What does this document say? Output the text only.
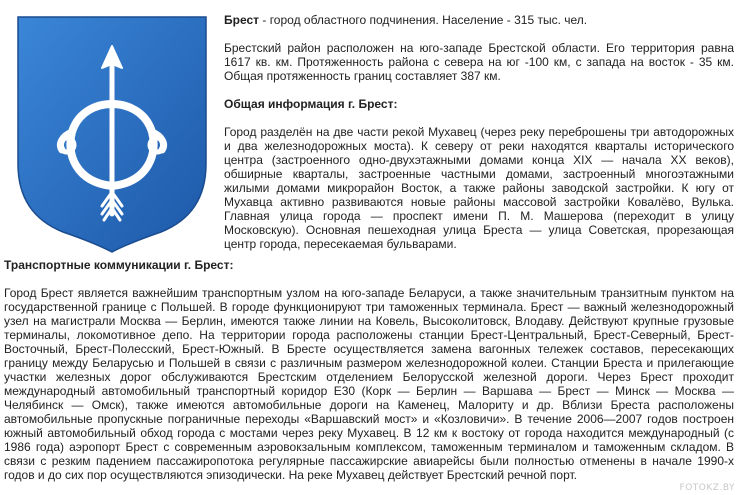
Брест - город областного подчинения. Население - 315 тыс. чел.

Брестский район расположен на юго-западе Брестской области. Его территория равна 1617 кв. км. Протяженность района с севера на юг -100 км, с запада на восток - 35 км. Общая протяженность границ составляет 387 км.

Общая информация г. Брест:

Город разделён на две части рекой Мухавец (через реку переброшены три автодорожных и два железнодорожных моста). К северу от реки находятся кварталы исторического центра (застроенного одно-двухэтажными домами конца XIX — начала XX веков), обширные кварталы, застроенные частными домами, застроенный многоэтажными жилыми домами микрорайон Восток, а также районы заводской застройки. К югу от Мухавца активно развиваются новые районы массовой застройки Ковалёво, Вулька. Главная улица города — проспект имени П. М. Машерова (переходит в улицу Московскую). Основная пешеходная улица Бреста — улица Советская, прорезающая центр города, пересекаемая бульварами.

Транспортные коммуникации г. Брест:

Город Брест является важнейшим транспортным узлом на юго-западе Беларуси, а также значительным транзитным пунктом на государственной границе с Польшей. В городе функционируют три таможенных терминала. Брест — важный железнодорожный узел на магистрали Москва — Берлин, имеются также линии на Ковель, Высоколитовск, Влодаву. Действуют крупные грузовые терминалы, локомотивное депо. На территории города расположены станции Брест-Центральный, Брест-Северный, Брест-Восточный, Брест-Полесский, Брест-Южный. В Бресте осуществляется замена вагонных тележек составов, пересекающих границу между Беларусью и Польшей в связи с различным размером железнодорожной колеи. Станции Бреста и прилегающие участки железных дорог обслуживаются Брестским отделением Белорусской железной дороги. Через Брест проходит международный автомобильный транспортный коридор Е30 (Корк — Берлин — Варшава — Брест — Минск — Москва — Челябинск — Омск), также имеются автомобильные дороги на Каменец, Малориту и др. Вблизи Бреста расположены автомобильные пропускные пограничные переходы «Варшавский мост» и «Козловичи». В течение 2006—2007 годов построен южный автомобильный обход города с мостами через реку Мухавец. В 12 км к востоку от города находится международный (с 1986 года) аэропорт Брест с современным аэровокзальным комплексом, таможенным терминалом и таможенным складом. В связи с резким падением пассажиропотока регулярные пассажирские авиарейсы были полностью отменены в начале 1990-х годов и до сих пор осуществляются эпизодически. На реке Мухавец действует Брестский речной порт.

FOTOKZ.BY
